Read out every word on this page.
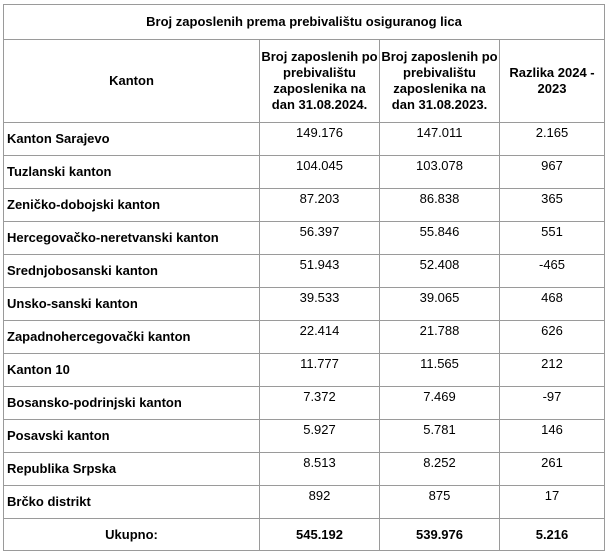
Broj zaposlenih prema prebivalištu osiguranog lica			
Kanton	Broj zaposlenih po prebivalištu zaposlenika na dan 31.08.2024.	Broj zaposlenih po prebivalištu zaposlenika na dan 31.08.2023.	Razlika 2024 - 2023
Kanton Sarajevo	149.176	147.011	2.165
Tuzlanski kanton	104.045	103.078	967
Zeničko-dobojski kanton	87.203	86.838	365
Hercegovačko-neretvanski kanton	56.397	55.846	551
Srednjobosanski kanton	51.943	52.408	-465
Unsko-sanski kanton	39.533	39.065	468
Zapadnohercegovački kanton	22.414	21.788	626
Kanton 10	11.777	11.565	212
Bosansko-podrinjski kanton	7.372	7.469	-97
Posavski kanton	5.927	5.781	146
Republika Srpska	8.513	8.252	261
Brčko distrikt	892	875	17
Ukupno:	545.192	539.976	5.216
